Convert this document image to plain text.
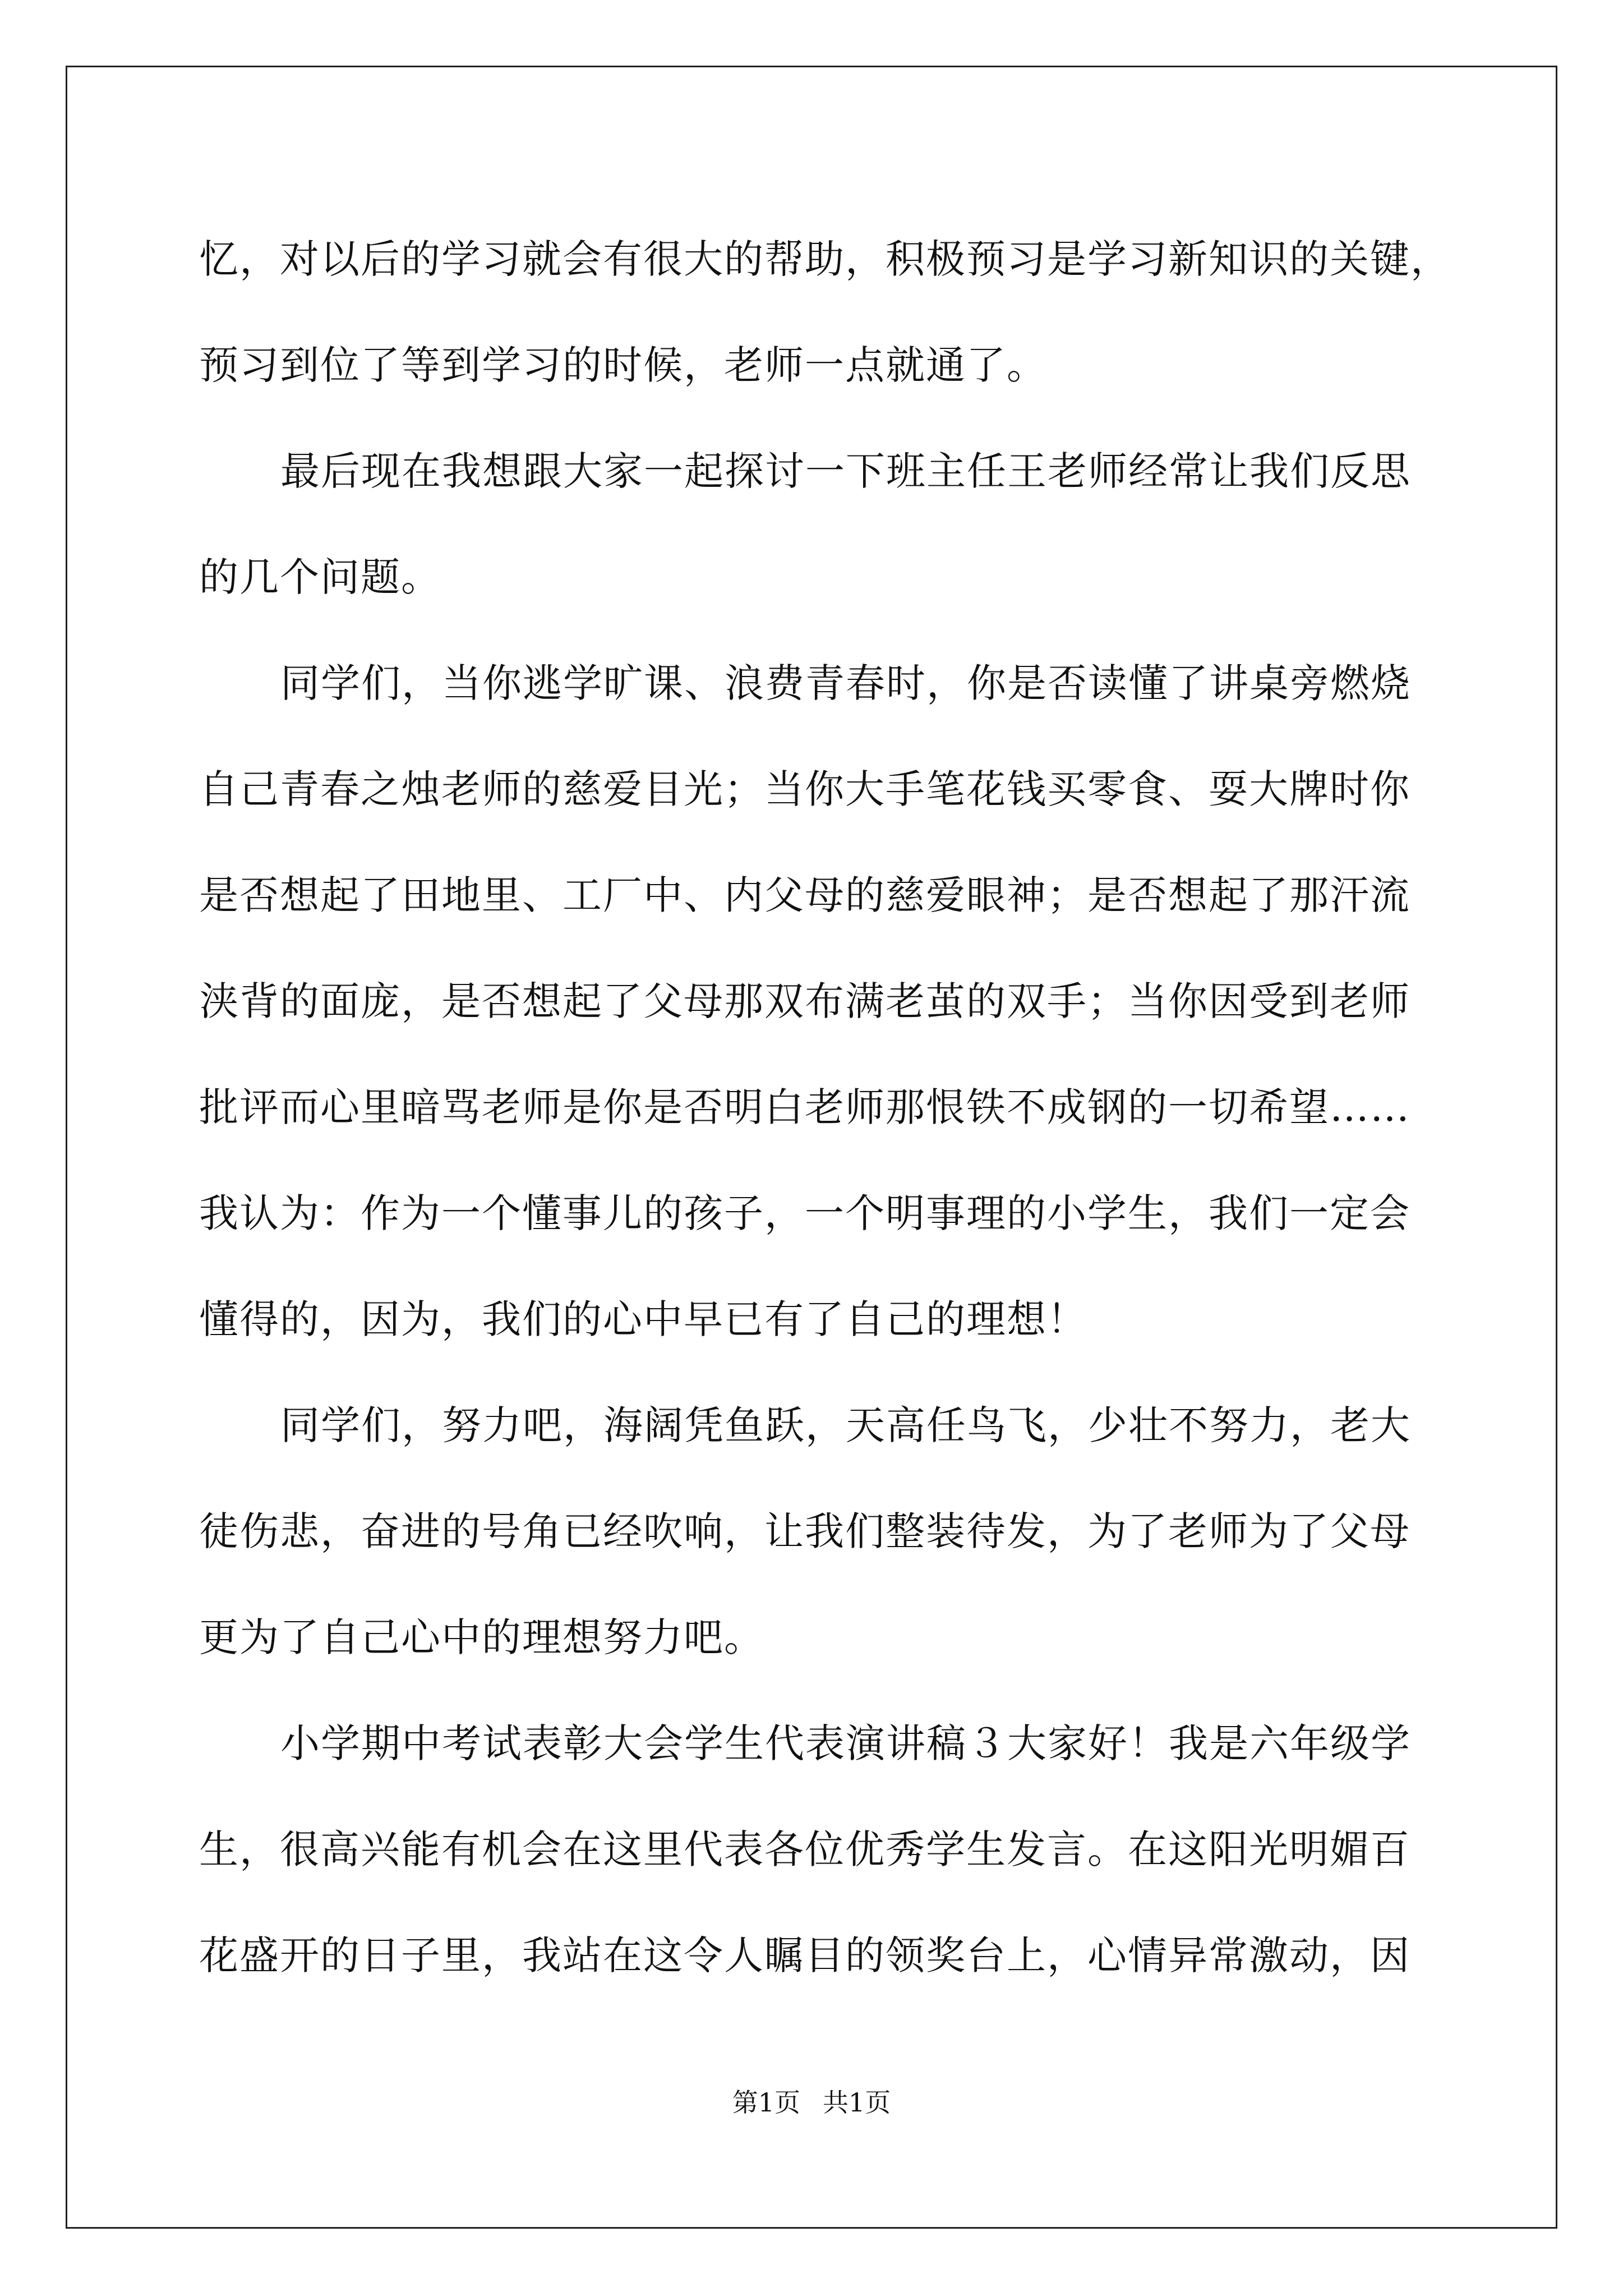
忆，对以后的学习就会有很大的帮助，积极预习是学习新知识的关键，
预习到位了等到学习的时候，老师一点就通了。
最后现在我想跟大家一起探讨一下班主任王老师经常让我们反思
的几个问题。
同学们，当你逃学旷课、浪费青春时，你是否读懂了讲桌旁燃烧
自己青春之烛老师的慈爱目光；当你大手笔花钱买零食、耍大牌时你
是否想起了田地里、工厂中、内父母的慈爱眼神；是否想起了那汗流
浃背的面庞，是否想起了父母那双布满老茧的双手；当你因受到老师
批评而心里暗骂老师是你是否明白老师那恨铁不成钢的一切希望……
我认为：作为一个懂事儿的孩子，一个明事理的小学生，我们一定会
懂得的，因为，我们的心中早已有了自己的理想！
同学们，努力吧，海阔凭鱼跃，天高任鸟飞，少壮不努力，老大
徒伤悲，奋进的号角已经吹响，让我们整装待发，为了老师为了父母
更为了自己心中的理想努力吧。
小学期中考试表彰大会学生代表演讲稿３大家好！我是六年级学
生，很高兴能有机会在这里代表各位优秀学生发言。在这阳光明媚百
花盛开的日子里，我站在这令人瞩目的领奖台上，心情异常激动，因
第1页 共1页
